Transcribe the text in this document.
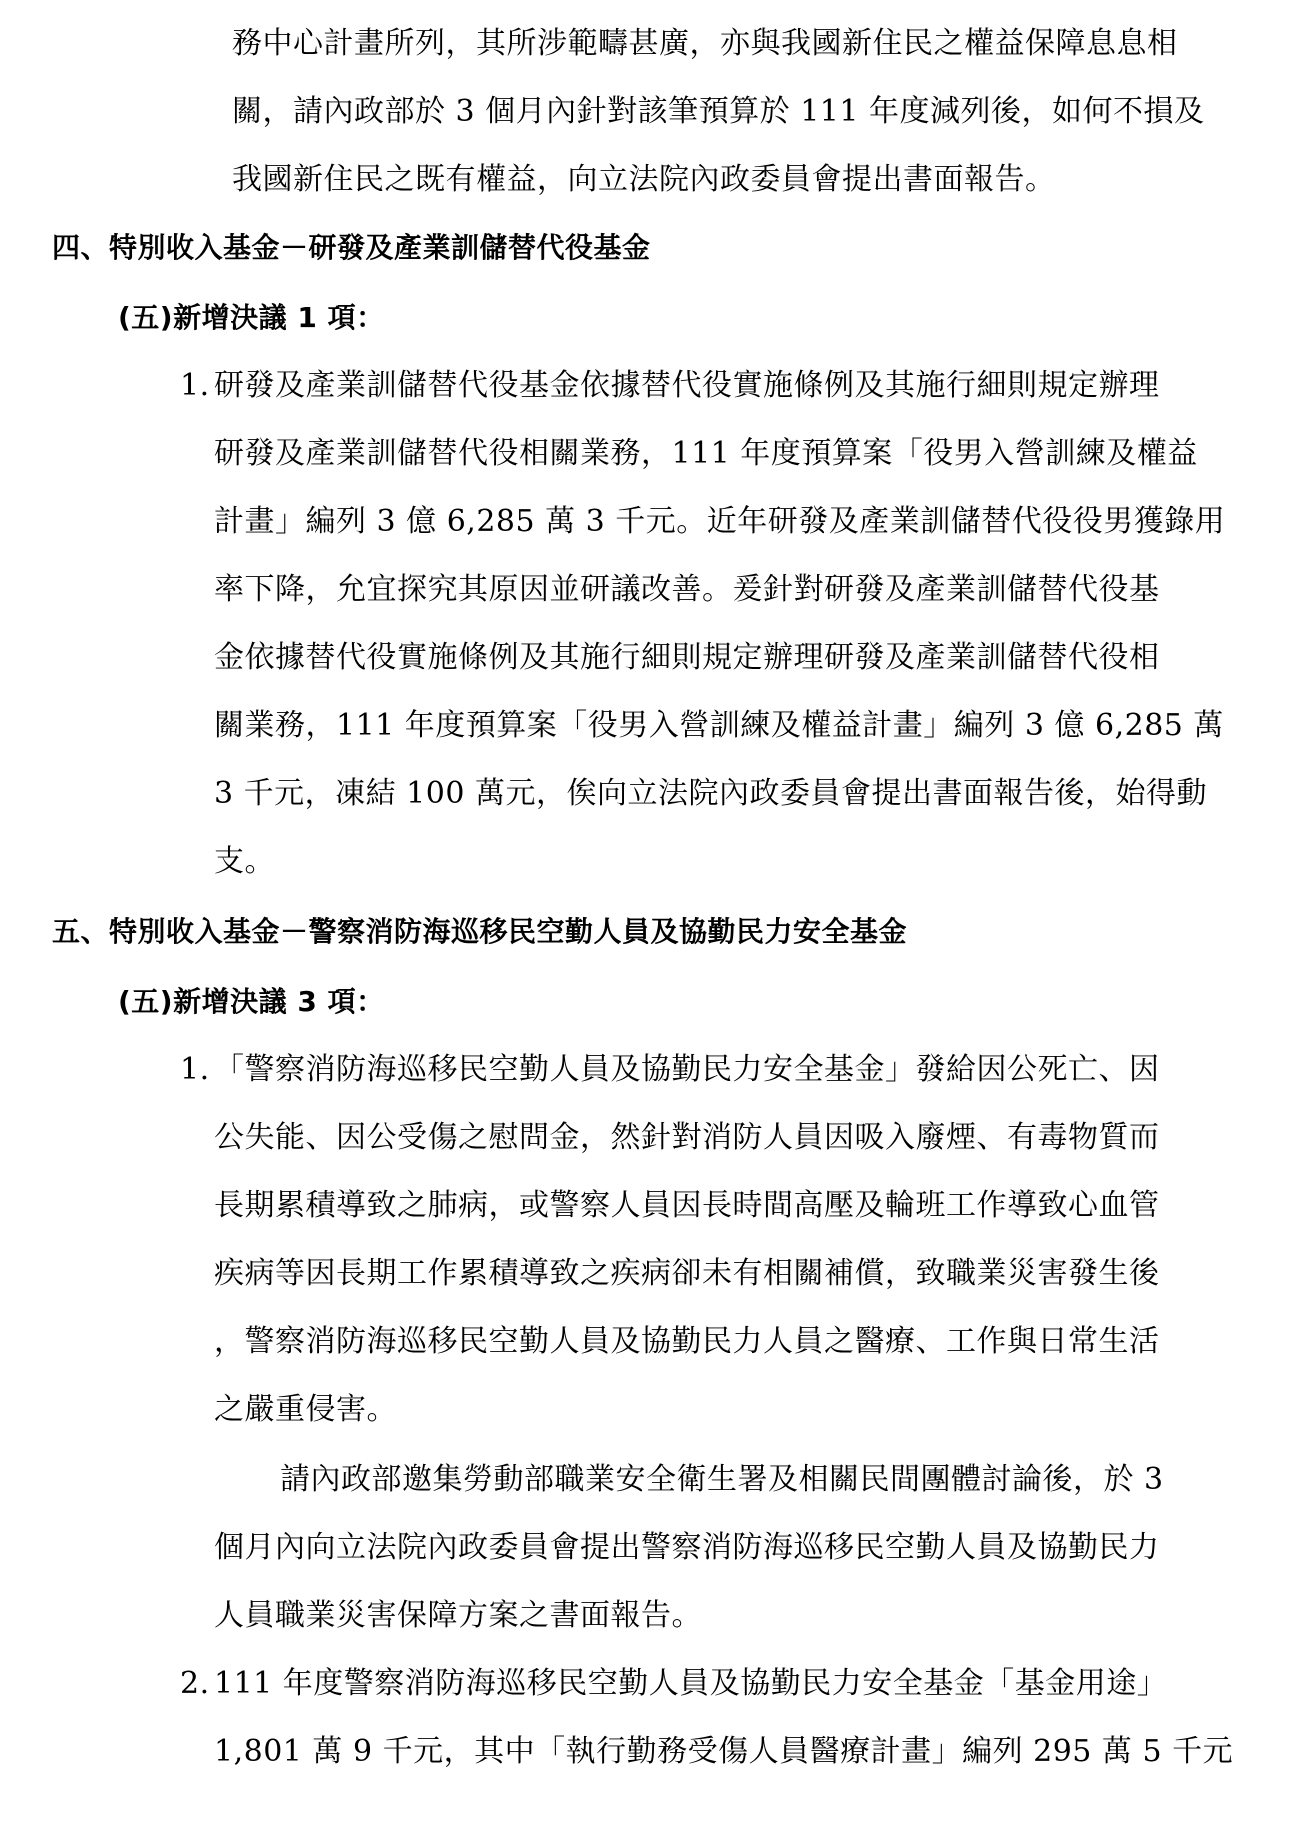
務中心計畫所列，其所涉範疇甚廣，亦與我國新住民之權益保障息息相
關，請內政部於 3 個月內針對該筆預算於 111 年度減列後，如何不損及
我國新住民之既有權益，向立法院內政委員會提出書面報告。
四、特別收入基金－研發及產業訓儲替代役基金
(五)新增決議 1 項：
1. 研發及產業訓儲替代役基金依據替代役實施條例及其施行細則規定辦理
研發及產業訓儲替代役相關業務，111 年度預算案「役男入營訓練及權益
計畫」編列 3 億 6,285 萬 3 千元。近年研發及產業訓儲替代役役男獲錄用
率下降，允宜探究其原因並研議改善。爰針對研發及產業訓儲替代役基
金依據替代役實施條例及其施行細則規定辦理研發及產業訓儲替代役相
關業務，111 年度預算案「役男入營訓練及權益計畫」編列 3 億 6,285 萬
3 千元，凍結 100 萬元，俟向立法院內政委員會提出書面報告後，始得動
支。
五、特別收入基金－警察消防海巡移民空勤人員及協勤民力安全基金
(五)新增決議 3 項：
1. 「警察消防海巡移民空勤人員及協勤民力安全基金」發給因公死亡、因
公失能、因公受傷之慰問金，然針對消防人員因吸入廢煙、有毒物質而
長期累積導致之肺病，或警察人員因長時間高壓及輪班工作導致心血管
疾病等因長期工作累積導致之疾病卻未有相關補償，致職業災害發生後
，警察消防海巡移民空勤人員及協勤民力人員之醫療、工作與日常生活
之嚴重侵害。
請內政部邀集勞動部職業安全衛生署及相關民間團體討論後，於 3
個月內向立法院內政委員會提出警察消防海巡移民空勤人員及協勤民力
人員職業災害保障方案之書面報告。
2. 111 年度警察消防海巡移民空勤人員及協勤民力安全基金「基金用途」
1,801 萬 9 千元，其中「執行勤務受傷人員醫療計畫」編列 295 萬 5 千元
